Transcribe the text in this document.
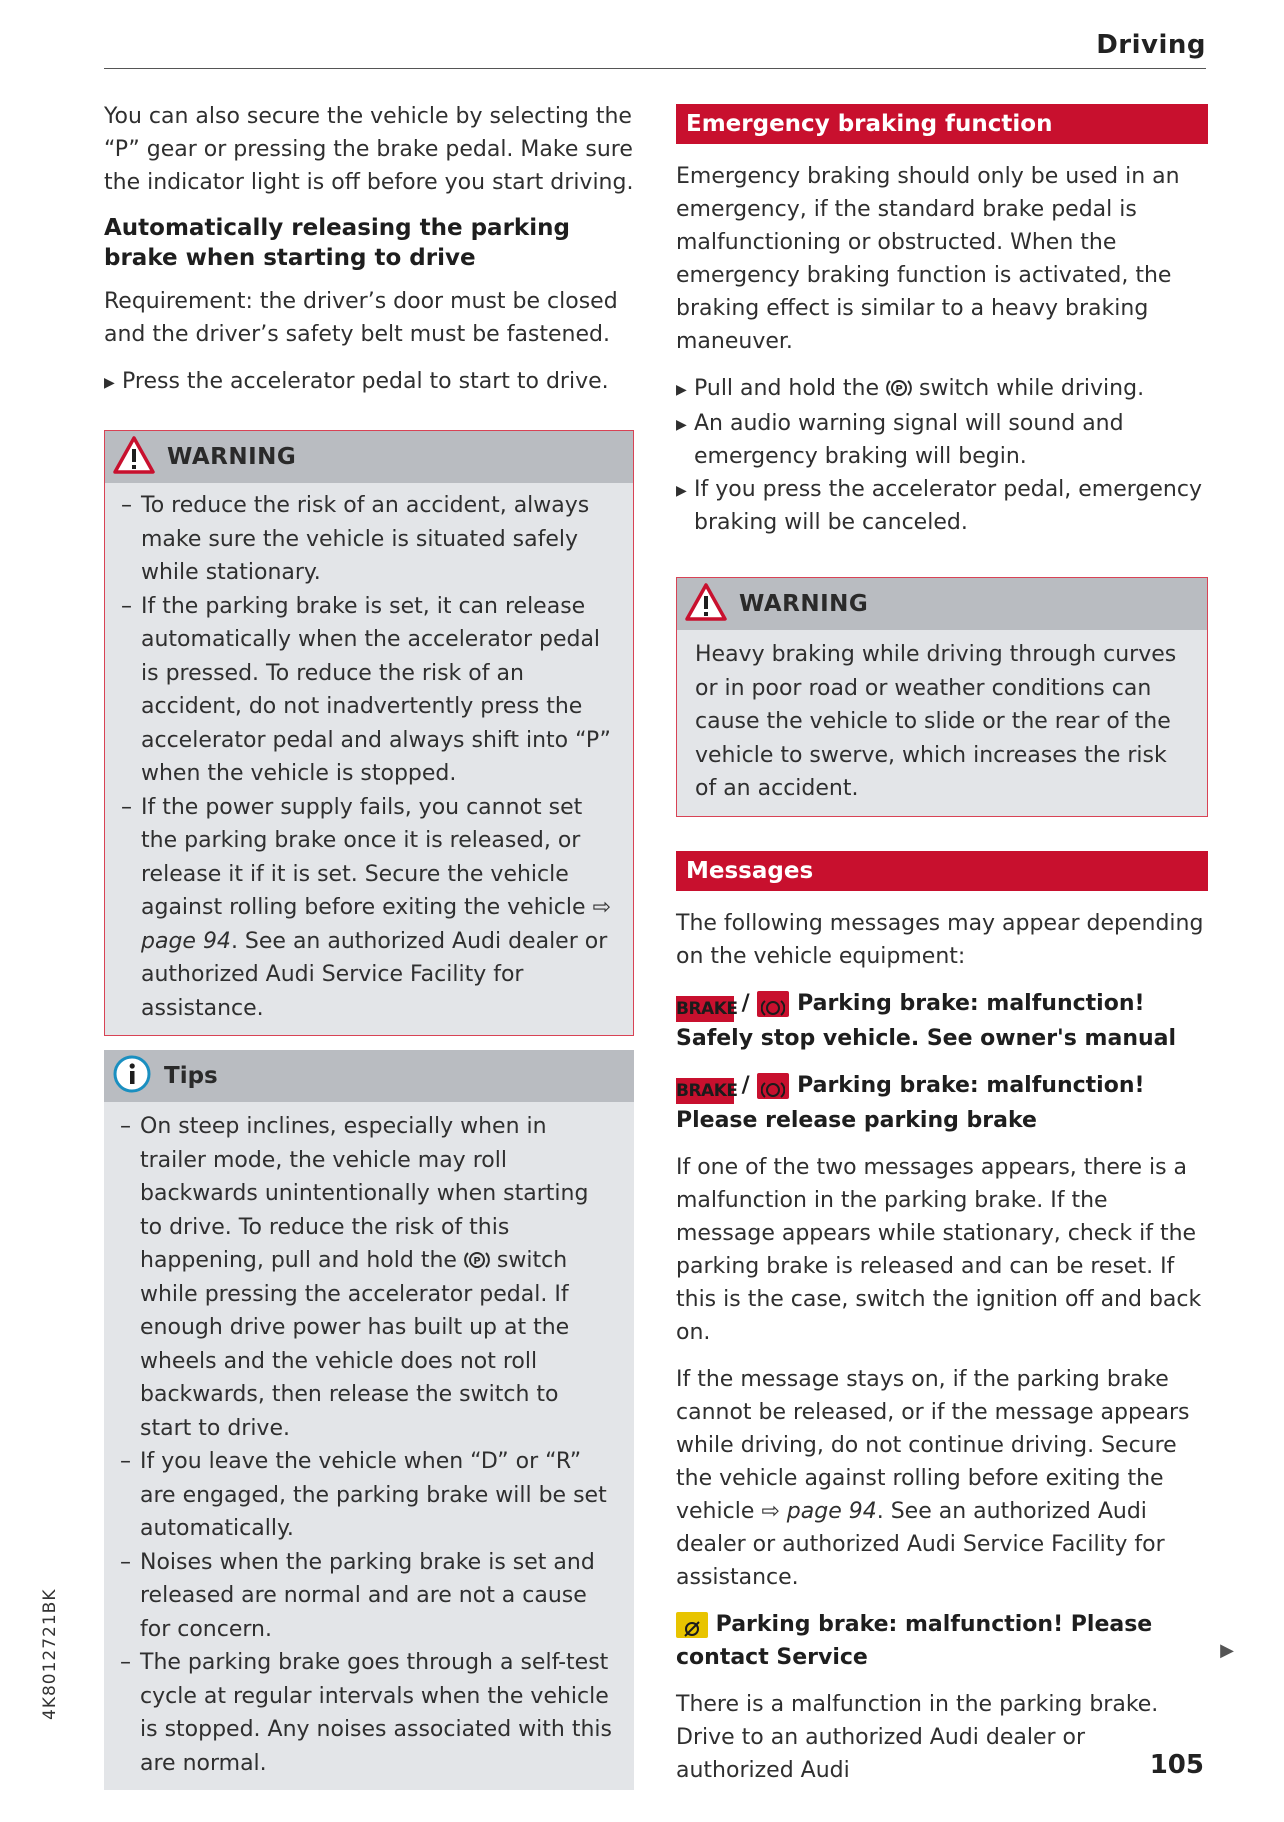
Driving

You can also secure the vehicle by selecting the “P” gear or pressing the brake pedal. Make sure the indicator light is off before you start driving.

Automatically releasing the parking brake when starting to drive

Requirement: the driver’s door must be closed and the driver’s safety belt must be fastened.

▶ Press the accelerator pedal to start to drive.
WARNING
– To reduce the risk of an accident, always make sure the vehicle is situated safely while stationary.
– If the parking brake is set, it can release automatically when the accelerator pedal is pressed. To reduce the risk of an accident, do not inadvertently press the accelerator pedal and always shift into “P” when the vehicle is stopped.
– If the power supply fails, you cannot set the parking brake once it is released, or release it if it is set. Secure the vehicle against rolling before exiting the vehicle ⇨ page 94. See an authorized Audi dealer or authorized Audi Service Facility for assistance.
Tips
– On steep inclines, especially when in trailer mode, the vehicle may roll backwards unintentionally when starting to drive. To reduce the risk of this happening, pull and hold the P switch while pressing the accelerator pedal. If enough drive power has built up at the wheels and the vehicle does not roll backwards, then release the switch to start to drive.
– If you leave the vehicle when “D” or “R” are engaged, the parking brake will be set automatically.
– Noises when the parking brake is set and released are normal and are not a cause for concern.
– The parking brake goes through a self-test cycle at regular intervals when the vehicle is stopped. Any noises associated with this are normal.
Emergency braking function

Emergency braking should only be used in an emergency, if the standard brake pedal is malfunctioning or obstructed. When the emergency braking function is activated, the braking effect is similar to a heavy braking maneuver.

▶ Pull and hold the P switch while driving.
▶ An audio warning signal will sound and emergency braking will begin.
▶ If you press the accelerator pedal, emergency braking will be canceled.
WARNING
Heavy braking while driving through curves or in poor road or weather conditions can cause the vehicle to slide or the rear of the vehicle to swerve, which increases the risk of an accident.
Messages

The following messages may appear depending on the vehicle equipment:

BRAKE / Parking brake: malfunction! Safely stop vehicle. See owner's manual
BRAKE / Parking brake: malfunction! Please release parking brake

If one of the two messages appears, there is a malfunction in the parking brake. If the message appears while stationary, check if the parking brake is released and can be reset. If this is the case, switch the ignition off and back on.

If the message stays on, if the parking brake cannot be released, or if the message appears while driving, do not continue driving. Secure the vehicle against rolling before exiting the vehicle ⇨ page 94. See an authorized Audi dealer or authorized Audi Service Facility for assistance.

Parking brake: malfunction! Please contact Service

There is a malfunction in the parking brake. Drive to an authorized Audi dealer or authorized Audi

▶
4K8012721BK
105
